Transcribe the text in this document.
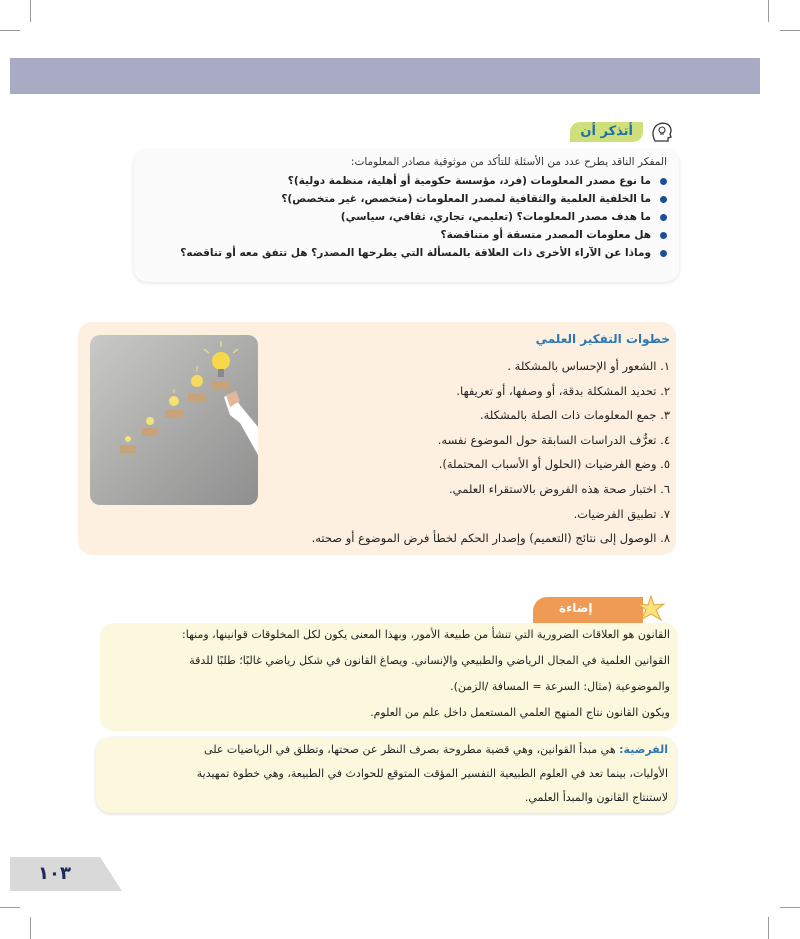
أتذكر أن
المفكر الناقد يطرح عدد من الأسئلة للتأكد من موثوقية مصادر المعلومات:
ما نوع مصدر المعلومات (فرد، مؤسسة حكومية أو أهلية، منظمة دولية)؟
ما الخلفية العلمية والثقافية لمصدر المعلومات (متخصص، غير متخصص)؟
ما هدف مصدر المعلومات؟ (تعليمي، تجاري، ثقافي، سياسي)
هل معلومات المصدر متسقة أو متناقضة؟
وماذا عن الآراء الأخرى ذات العلاقة بالمسألة التي يطرحها المصدر؟ هل تتفق معه أو تناقضه؟
خطوات التفكير العلمي
١. الشعور أو الإحساس بالمشكلة .
٢. تحديد المشكلة بدقة، أو وصفها، أو تعريفها.
٣. جمع المعلومات ذات الصلة بالمشكلة.
٤. تعرُّف الدراسات السابقة حول الموضوع نفسه.
٥. وضع الفرضيات (الحلول أو الأسباب المحتملة).
٦. اختبار صحة هذه الفروض بالاستقراء العلمي.
٧. تطبيق الفرضيات.
٨. الوصول إلى نتائج (التعميم) وإصدار الحكم لخطأ فرض الموضوع أو صحته.
إضاءة

القانون هو العلاقات الضرورية التي تنشأ من طبيعة الأمور، وبهذا المعنى يكون لكل المخلوقات قوانينها، ومنها:

القوانين العلمية في المجال الرياضي والطبيعي والإنساني. ويصاغ القانون في شكل رياضي غالبًا؛ طلبًا للدقة

والموضوعية (مثال: السرعة = المسافة /الزمن).

ويكون القانون نتاج المنهج العلمي المستعمل داخل علم من العلوم.

الفرضية: هي مبدأ القوانين، وهي قضية مطروحة بصرف النظر عن صحتها، وتطلق في الرياضيات على

الأوليات، بينما تعد في العلوم الطبيعية التفسير المؤقت المتوقع للحوادث في الطبيعة، وهي خطوة تمهيدية

لاستنتاج القانون والمبدأ العلمي.

١٠٣
